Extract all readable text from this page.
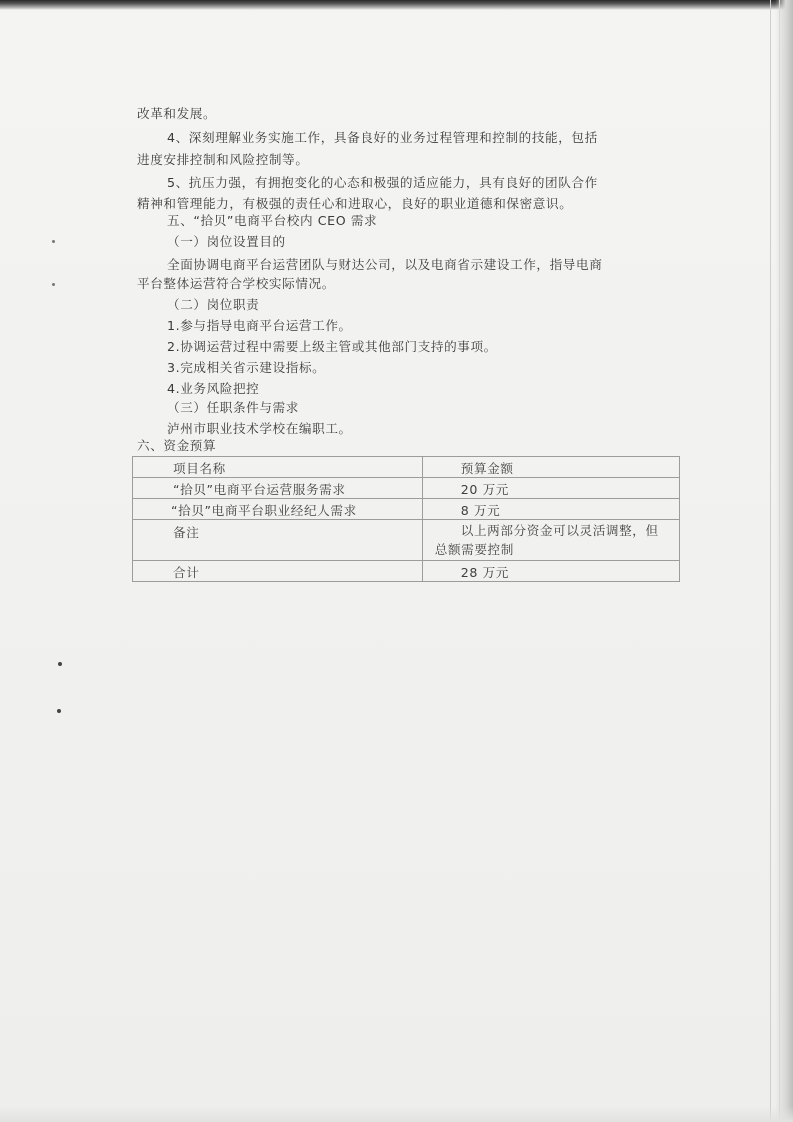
改革和发展。
4、深刻理解业务实施工作，具备良好的业务过程管理和控制的技能，包括
进度安排控制和风险控制等。
5、抗压力强，有拥抱变化的心态和极强的适应能力，具有良好的团队合作
精神和管理能力，有极强的责任心和进取心，良好的职业道德和保密意识。
五、“拾贝”电商平台校内 CEO 需求
（一）岗位设置目的
全面协调电商平台运营团队与财达公司，以及电商省示建设工作，指导电商
平台整体运营符合学校实际情况。
（二）岗位职责
1.参与指导电商平台运营工作。
2.协调运营过程中需要上级主管或其他部门支持的事项。
3.完成相关省示建设指标。
4.业务风险把控
（三）任职条件与需求
泸州市职业技术学校在编职工。
六、资金预算
项目名称	预算金额
“拾贝”电商平台运营服务需求	20 万元
“拾贝”电商平台职业经纪人需求	8 万元
备注	以上两部分资金可以灵活调整，但
总额需要控制

合计	28 万元
